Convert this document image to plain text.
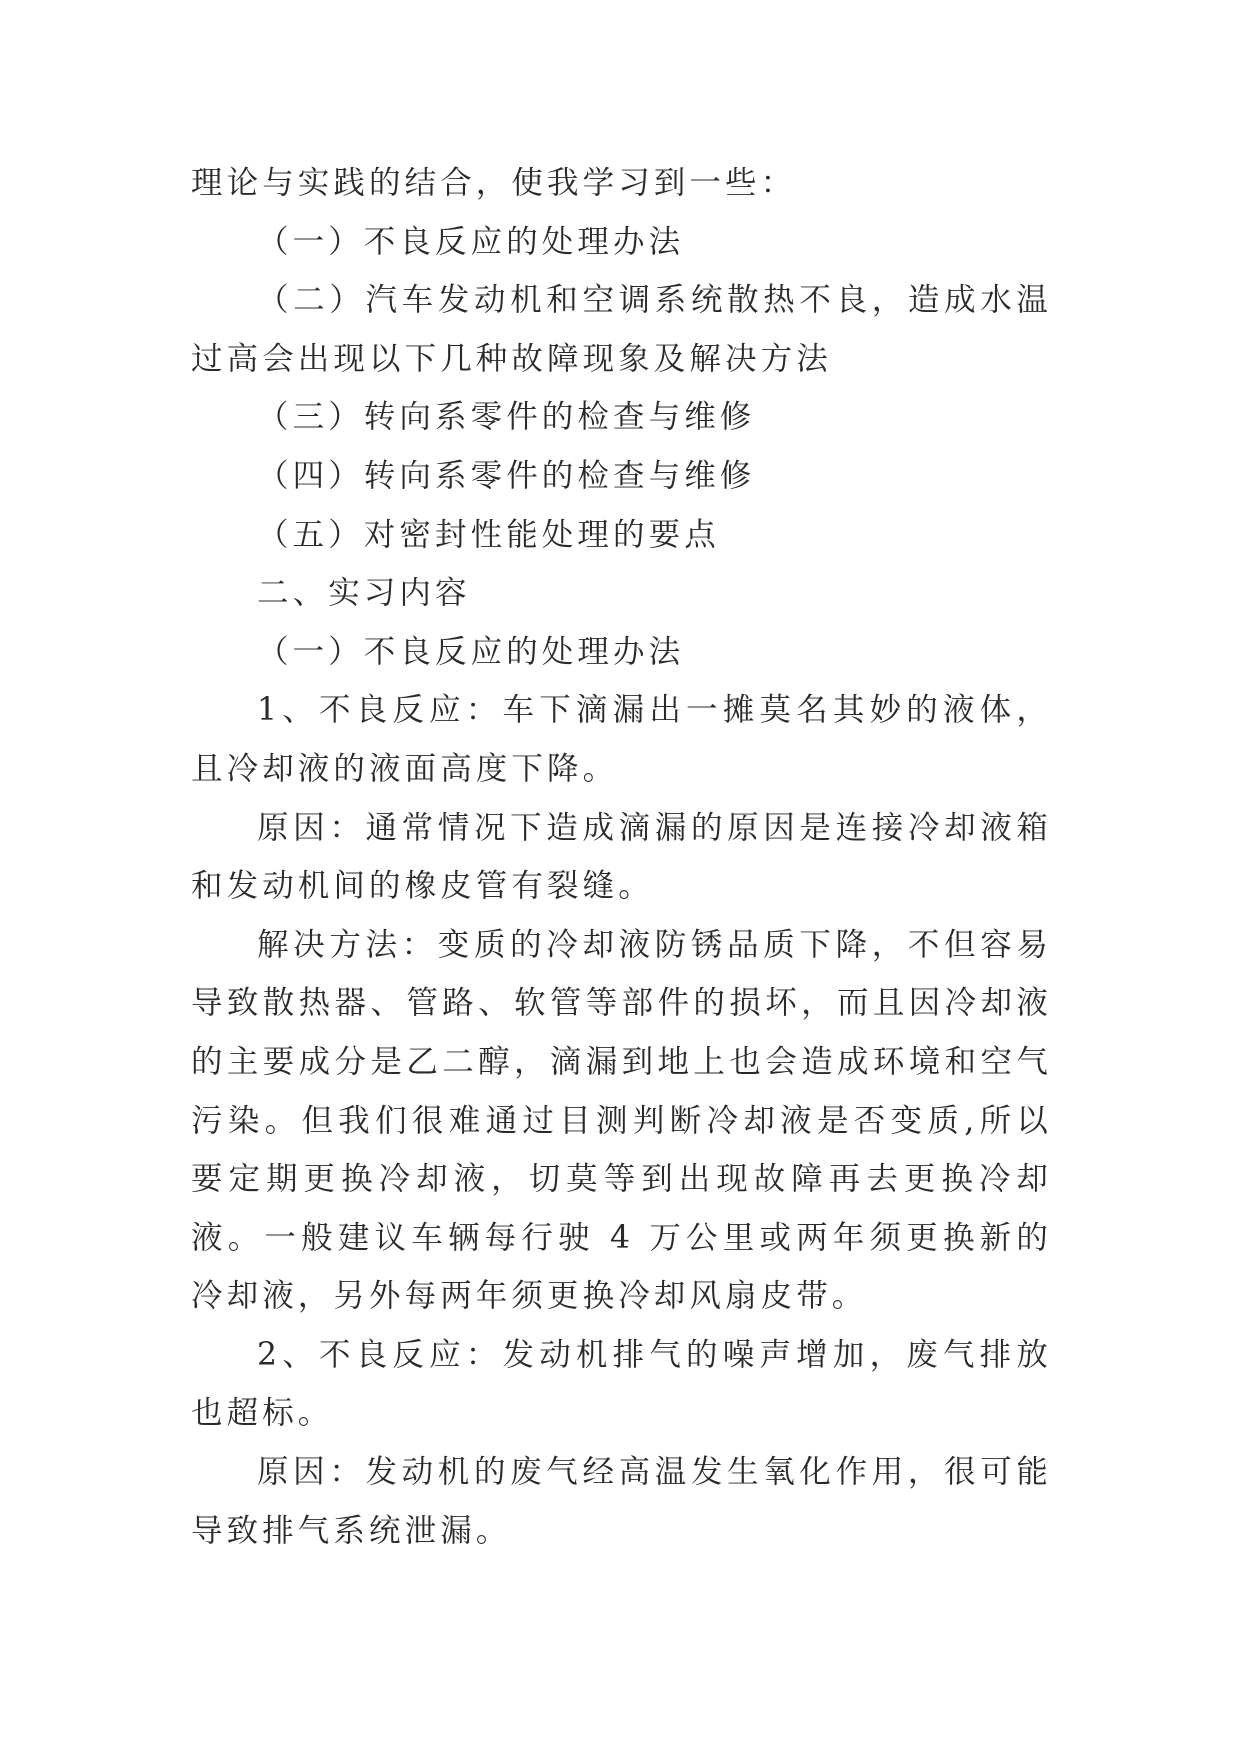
理论与实践的结合，使我学习到一些：

（一）不良反应的处理办法

（二）汽车发动机和空调系统散热不良，造成水温过高会出现以下几种故障现象及解决方法

（三）转向系零件的检查与维修

（四）转向系零件的检查与维修

（五）对密封性能处理的要点

二、实习内容

（一）不良反应的处理办法

1、不良反应：车下滴漏出一摊莫名其妙的液体，且冷却液的液面高度下降。

原因：通常情况下造成滴漏的原因是连接冷却液箱和发动机间的橡皮管有裂缝。

解决方法：变质的冷却液防锈品质下降，不但容易导致散热器、管路、软管等部件的损坏，而且因冷却液的主要成分是乙二醇，滴漏到地上也会造成环境和空气污染。但我们很难通过目测判断冷却液是否变质,所以要定期更换冷却液，切莫等到出现故障再去更换冷却液。一般建议车辆每行驶 4 万公里或两年须更换新的冷却液，另外每两年须更换冷却风扇皮带。

2、不良反应：发动机排气的噪声增加，废气排放也超标。

原因：发动机的废气经高温发生氧化作用，很可能导致排气系统泄漏。
